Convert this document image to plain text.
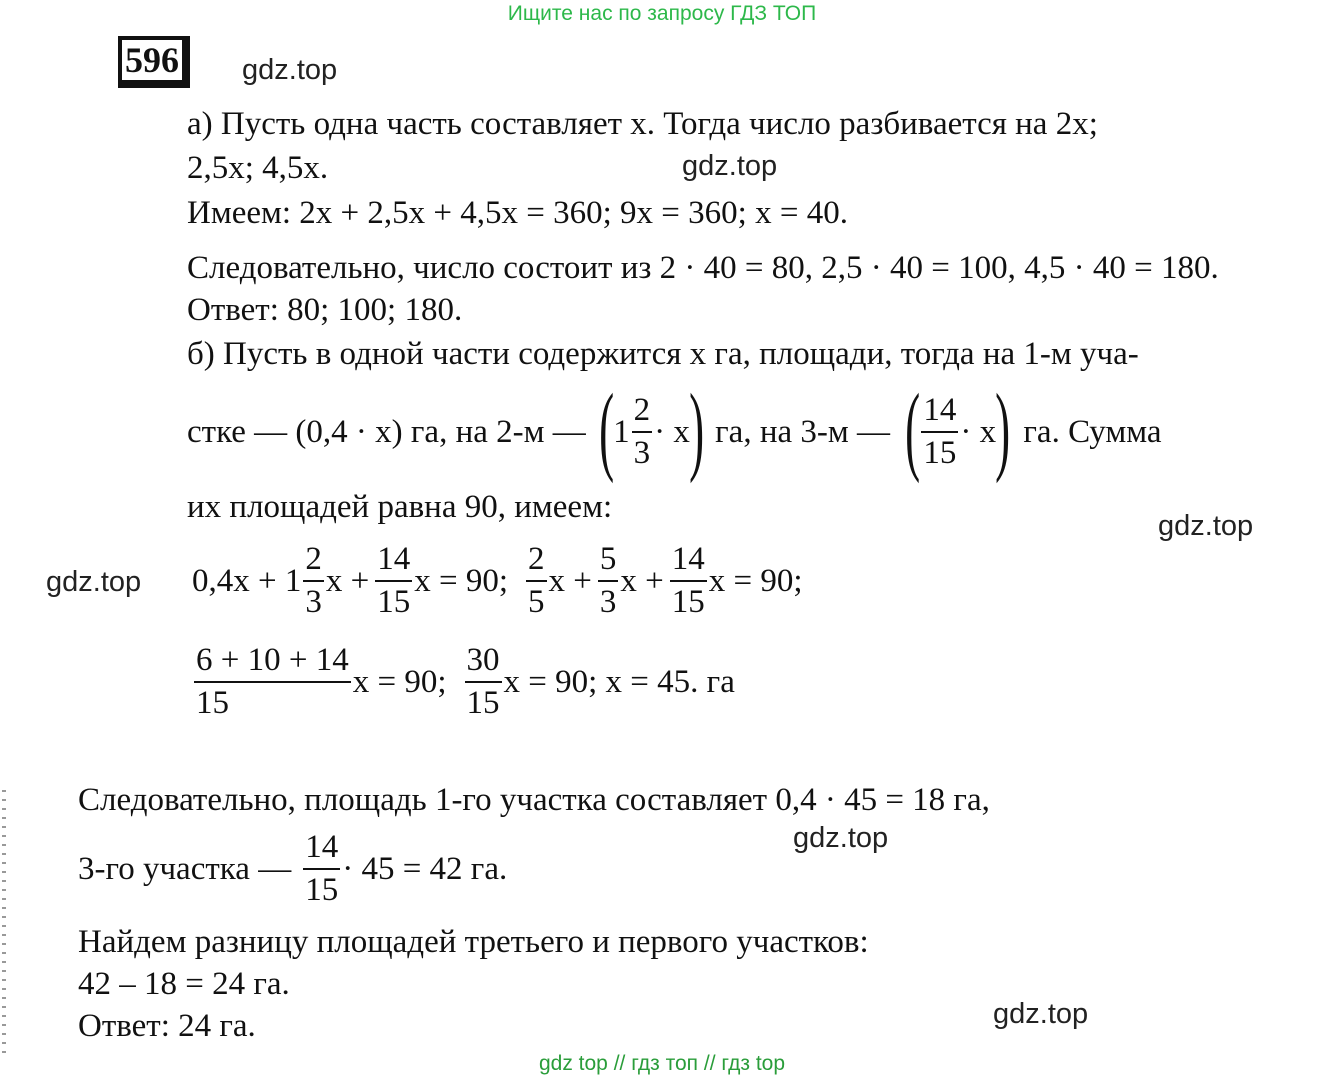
Ищите нас по запросу ГДЗ ТОП
596	gdz.top
а) Пусть одна часть составляет x. Тогда число разбивается на 2x;
2,5x; 4,5x.	gdz.top
Имеем: 2x + 2,5x + 4,5x = 360; 9x = 360; x = 40.
Следовательно, число состоит из 2 · 40 = 80, 2,5 · 40 = 100, 4,5 · 40 = 180.
Ответ: 80; 100; 180.
б) Пусть в одной части содержится x га, площади, тогда на 1-м уча-
стке — (0,4 · x) га, на 2-м — ( $1 \frac{2}{3} \cdot x$ ) га, на 3-м — ( $\frac{14}{15} \cdot x$ ) га. Сумма
их площадей равна 90, имеем:
gdz.top
gdz.top $0,4x + 1 \frac{2}{3}$ $x + \frac{14}{15}$ x = 90; $\frac{2}{5}$ $x + \frac{5}{3}$ $x + \frac{14}{15}$ x = 90;
$\frac{6 + 10 + 14}{15}$ x = 90; $\frac{30}{15}$ x = 90; x = 45. га
Следовательно, площадь 1-го участка составляет 0,4 · 45 = 18 га,
gdz.top
3-го участка — $\frac{14}{15} \cdot 45 = 42$ га.
Найдем разницу площадей третьего и первого участков:
42 – 18 = 24 га.
Ответ: 24 га.	gdz.top
gdz top // гдз топ // гдз top
